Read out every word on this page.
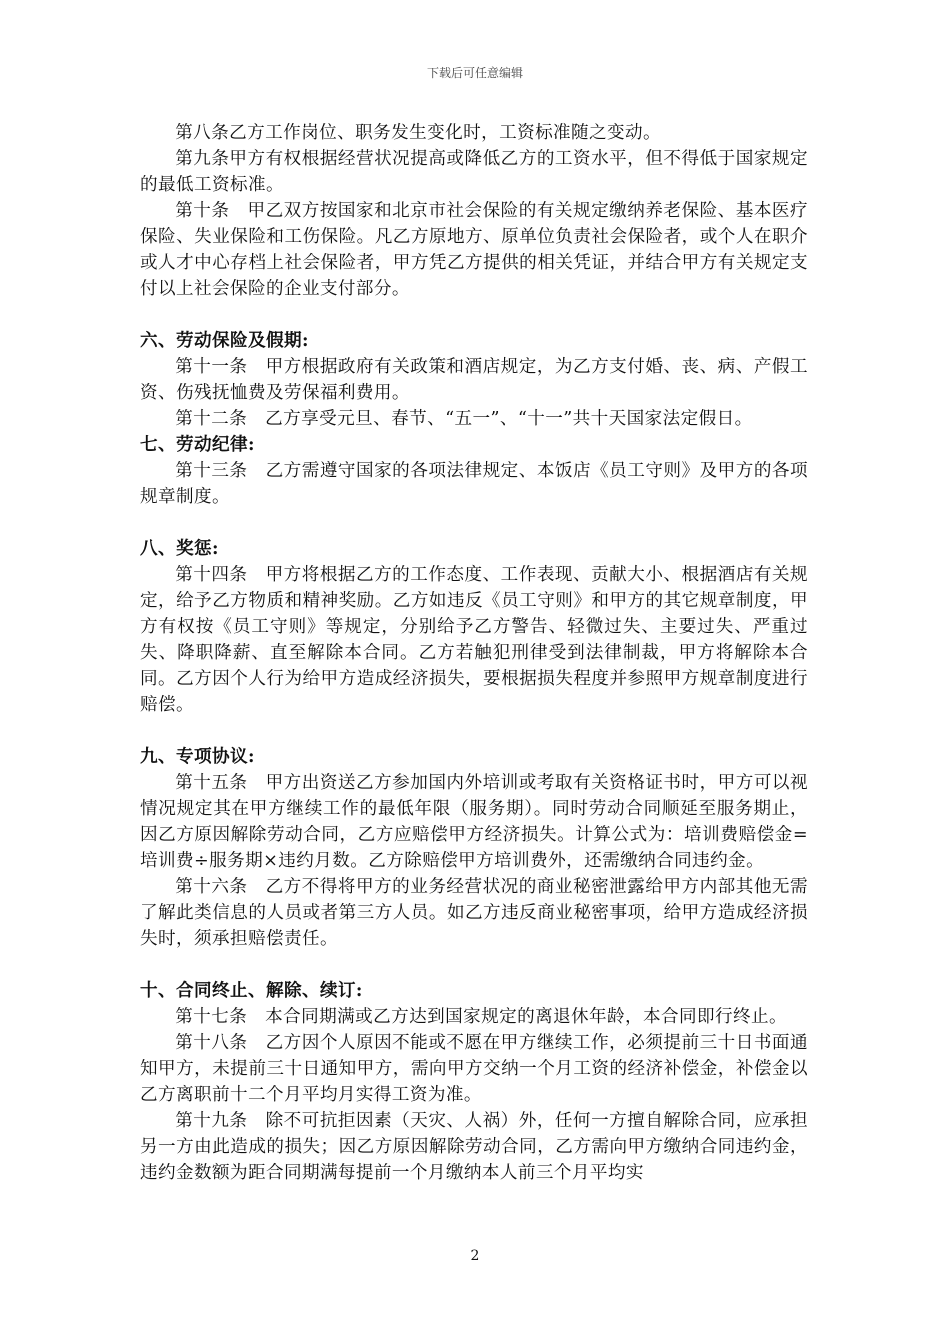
下载后可任意编辑

第八条乙方工作岗位、职务发生变化时，工资标准随之变动。

第九条甲方有权根据经营状况提高或降低乙方的工资水平，但不得低于国家规定的最低工资标准。

第十条　甲乙双方按国家和北京市社会保险的有关规定缴纳养老保险、基本医疗保险、失业保险和工伤保险。凡乙方原地方、原单位负责社会保险者，或个人在职介或人才中心存档上社会保险者，甲方凭乙方提供的相关凭证，并结合甲方有关规定支付以上社会保险的企业支付部分。

六、劳动保险及假期:

第十一条　甲方根据政府有关政策和酒店规定，为乙方支付婚、丧、病、产假工资、伤残抚恤费及劳保福利费用。

第十二条　乙方享受元旦、春节、“五一”、“十一”共十天国家法定假日。

七、劳动纪律:

第十三条　乙方需遵守国家的各项法律规定、本饭店《员工守则》及甲方的各项规章制度。

八、奖惩:

第十四条　甲方将根据乙方的工作态度、工作表现、贡献大小、根据酒店有关规定，给予乙方物质和精神奖励。乙方如违反《员工守则》和甲方的其它规章制度，甲方有权按《员工守则》等规定，分别给予乙方警告、轻微过失、主要过失、严重过失、降职降薪、直至解除本合同。乙方若触犯刑律受到法律制裁，甲方将解除本合同。乙方因个人行为给甲方造成经济损失，要根据损失程度并参照甲方规章制度进行赔偿。

九、专项协议:

第十五条　甲方出资送乙方参加国内外培训或考取有关资格证书时，甲方可以视情况规定其在甲方继续工作的最低年限（服务期）。同时劳动合同顺延至服务期止，因乙方原因解除劳动合同，乙方应赔偿甲方经济损失。计算公式为：培训费赔偿金=培训费÷服务期×违约月数。乙方除赔偿甲方培训费外，还需缴纳合同违约金。

第十六条　乙方不得将甲方的业务经营状况的商业秘密泄露给甲方内部其他无需了解此类信息的人员或者第三方人员。如乙方违反商业秘密事项，给甲方造成经济损失时，须承担赔偿责任。

十、合同终止、解除、续订:

第十七条　本合同期满或乙方达到国家规定的离退休年龄，本合同即行终止。

第十八条　乙方因个人原因不能或不愿在甲方继续工作，必须提前三十日书面通知甲方，未提前三十日通知甲方，需向甲方交纳一个月工资的经济补偿金，补偿金以乙方离职前十二个月平均月实得工资为准。

第十九条　除不可抗拒因素（天灾、人祸）外，任何一方擅自解除合同，应承担另一方由此造成的损失；因乙方原因解除劳动合同，乙方需向甲方缴纳合同违约金，违约金数额为距合同期满每提前一个月缴纳本人前三个月平均实

2
